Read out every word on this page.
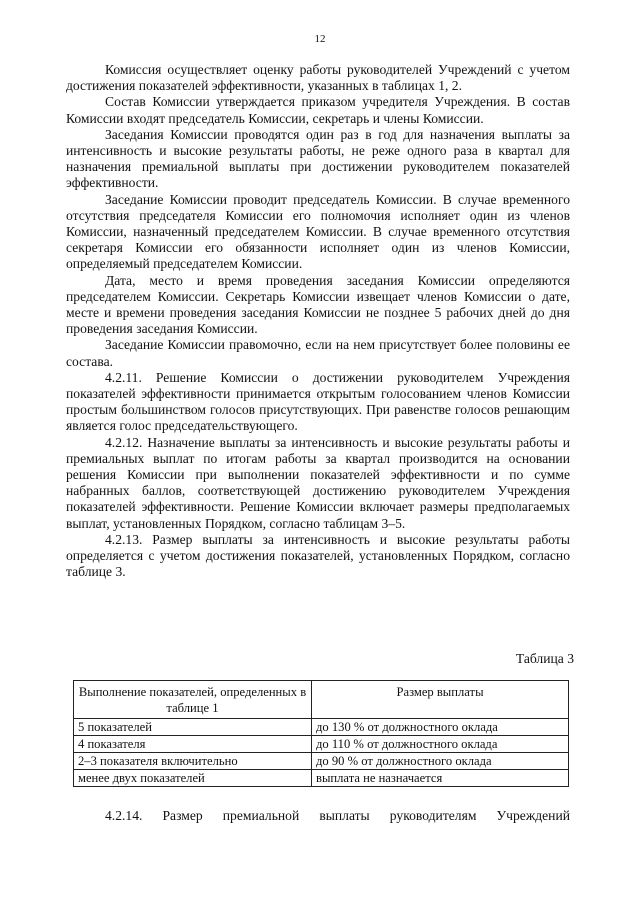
12

Комиссия осуществляет оценку работы руководителей Учреждений с учетом достижения показателей эффективности, указанных в таблицах 1, 2.

Состав Комиссии утверждается приказом учредителя Учреждения. В состав Комиссии входят председатель Комиссии, секретарь и члены Комиссии.

Заседания Комиссии проводятся один раз в год для назначения выплаты за интенсивность и высокие результаты работы, не реже одного раза в квартал для назначения премиальной выплаты при достижении руководителем показателей эффективности.

Заседание Комиссии проводит председатель Комиссии. В случае временного отсутствия председателя Комиссии его полномочия исполняет один из членов Комиссии, назначенный председателем Комиссии. В случае временного отсутствия секретаря Комиссии его обязанности исполняет один из членов Комиссии, определяемый председателем Комиссии.

Дата, место и время проведения заседания Комиссии определяются председателем Комиссии. Секретарь Комиссии извещает членов Комиссии о дате, месте и времени проведения заседания Комиссии не позднее 5 рабочих дней до дня проведения заседания Комиссии.

Заседание Комиссии правомочно, если на нем присутствует более половины ее состава.

4.2.11. Решение Комиссии о достижении руководителем Учреждения показателей эффективности принимается открытым голосованием членов Комиссии простым большинством голосов присутствующих. При равенстве голосов решающим является голос председательствующего.

4.2.12. Назначение выплаты за интенсивность и высокие результаты работы и премиальных выплат по итогам работы за квартал производится на основании решения Комиссии при выполнении показателей эффективности и по сумме набранных баллов, соответствующей достижению руководителем Учреждения показателей эффективности. Решение Комиссии включает размеры предполагаемых выплат, установленных Порядком, согласно таблицам 3–5.

4.2.13. Размер выплаты за интенсивность и высокие результаты работы определяется с учетом достижения показателей, установленных Порядком, согласно таблице 3.

Таблица 3
Выполнение показателей, определенных в таблице 1	Размер выплаты
5 показателей	до 130 % от должностного оклада
4 показателя	до 110 % от должностного оклада
2–3 показателя включительно	до 90 % от должностного оклада
менее двух показателей	выплата не назначается
4.2.14. Размер премиальной выплаты руководителям Учреждений
